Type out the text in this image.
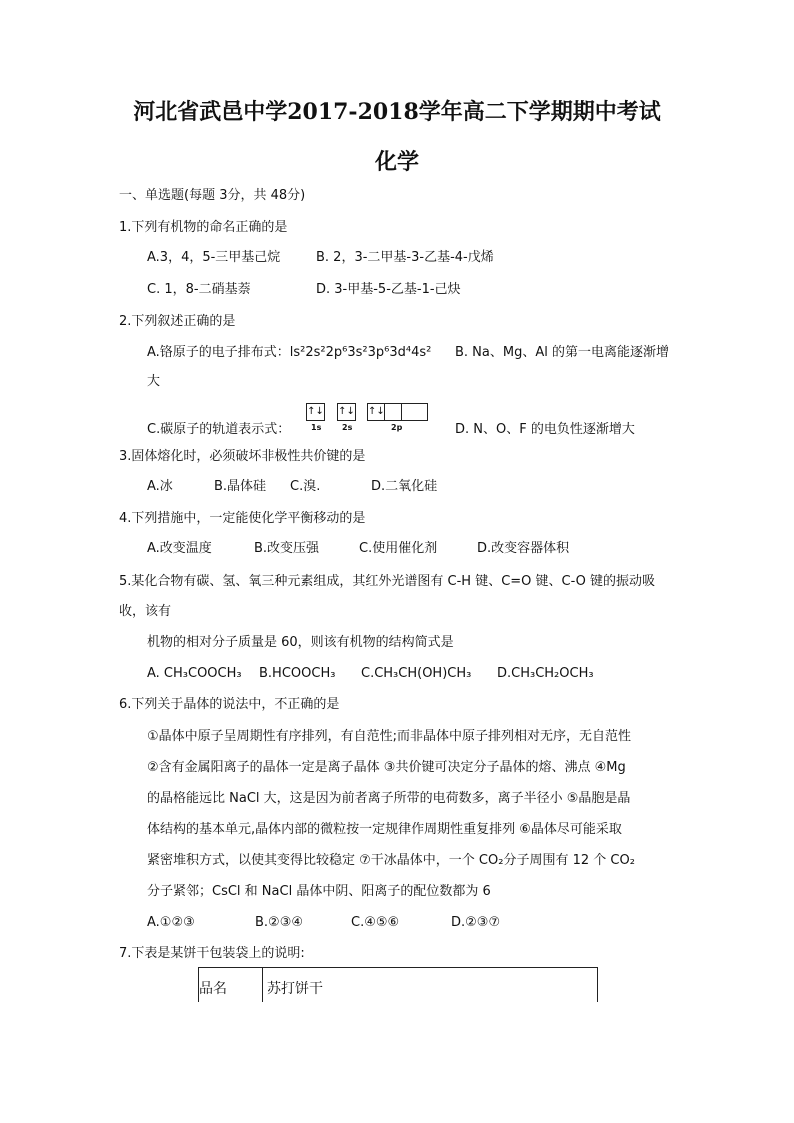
河北省武邑中学2017-2018学年高二下学期期中考试
化学
一、单选题(每题 3分，共 48分)
1.下列有机物的命名正确的是
A.3，4，5-三甲基己烷	B. 2，3-二甲基-3-乙基-4-戊烯
C. 1，8-二硝基萘	D. 3-甲基-5-乙基-1-己炔
2.下列叙述正确的是
A.铬原子的电子排布式：ls²2s²2p⁶3s²3p⁶3d⁴4s² B. Na、Mg、Al 的第一电离能逐渐增
大
C.碳原子的轨道表示式：
↑↓ ↑↓ ↑↓
1s	2s	2p	D. N、O、F 的电负性逐渐增大
3.固体熔化时，必须破坏非极性共价键的是
A.冰	B.晶体硅 C.溴.	D.二氧化硅
4.下列措施中，一定能使化学平衡移动的是
A.改变温度	B.改变压强	C.使用催化剂	D.改变容器体积
5.某化合物有碳、氢、氧三种元素组成，其红外光谱图有 C-H 键、C=O 键、C-O 键的振动吸
收，该有
机物的相对分子质量是 60，则该有机物的结构简式是
A. CH₃COOCH₃ B.HCOOCH₃ C.CH₃CH(OH)CH₃ D.CH₃CH₂OCH₃
6.下列关于晶体的说法中，不正确的是
①晶体中原子呈周期性有序排列，有自范性;而非晶体中原子排列相对无序，无自范性
②含有金属阳离子的晶体一定是离子晶体 ③共价键可决定分子晶体的熔、沸点 ④Mg
的晶格能远比 NaCl 大，这是因为前者离子所带的电荷数多，离子半径小 ⑤晶胞是晶
体结构的基本单元,晶体内部的微粒按一定规律作周期性重复排列 ⑥晶体尽可能采取
紧密堆积方式，以使其变得比较稳定 ⑦干冰晶体中，一个 CO₂分子周围有 12 个 CO₂
分子紧邻；CsCl 和 NaCl 晶体中阴、阳离子的配位数都为 6
A.①②③	B.②③④	C.④⑤⑥	D.②③⑦
7.下表是某饼干包装袋上的说明:
品名	苏打饼干
